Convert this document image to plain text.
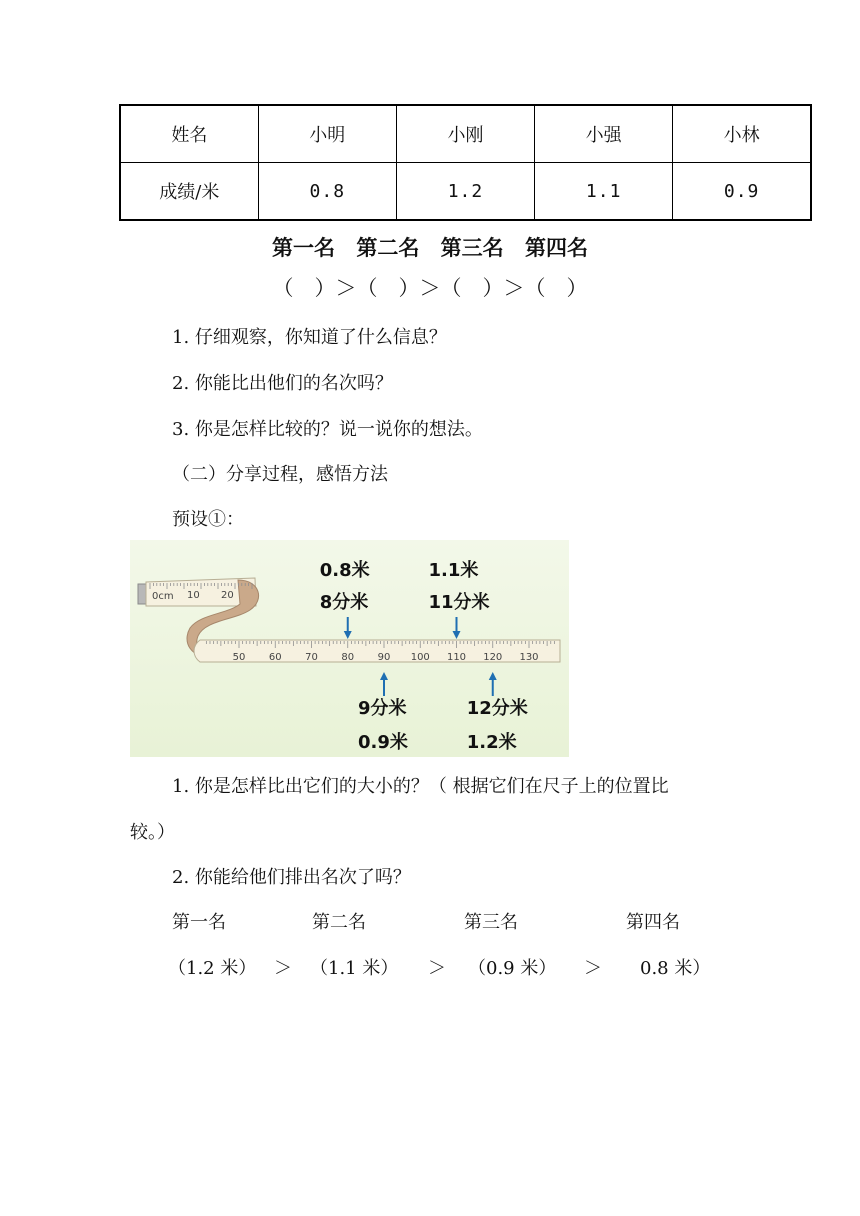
姓名	小明	小刚	小强	小林
成绩/米	0.8	1.2	1.1	0.9
第一名 第二名 第三名 第四名
（　）＞（　）＞（　）＞（　）
1. 仔细观察，你知道了什么信息？
2. 你能比出他们的名次吗？
3. 你是怎样比较的？说一说你的想法。
（二）分享过程，感悟方法
预设①：
0cm 10 20
50 60 70 80 90 100 110 120 130
0.8米
8分米
1.1米
11分米
9分米
0.9米
12分米
1.2米
1. 你是怎样比出它们的大小的？（ 根据它们在尺子上的位置比
较。）
2. 你能给他们排出名次了吗？
第一名	第二名	第三名	第四名
（1.2 米） ＞ （1.1 米） ＞ （0.9 米） ＞ 0.8 米）
